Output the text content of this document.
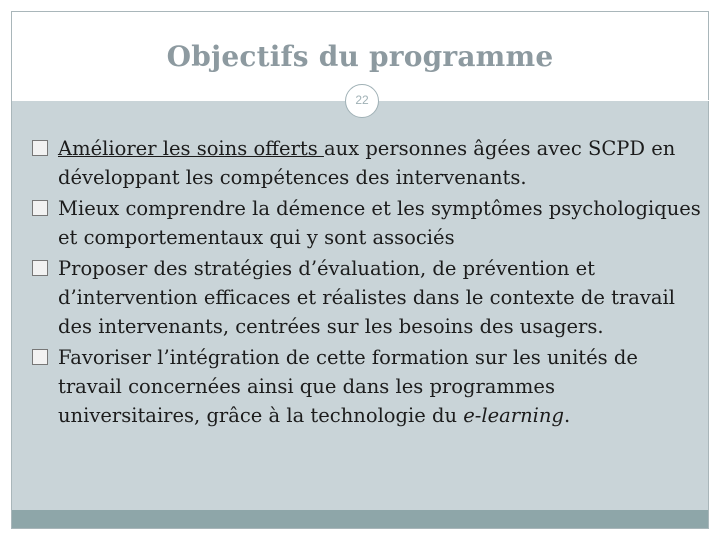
Objectifs du programme
22
Améliorer les soins offerts aux personnes âgées avec SCPD en développant les compétences des intervenants.
Mieux comprendre la démence et les symptômes psychologiques et comportementaux qui y sont associés
Proposer des stratégies d’évaluation, de prévention et d’intervention efficaces et réalistes dans le contexte de travail des intervenants, centrées sur les besoins des usagers.
Favoriser l’intégration de cette formation sur les unités de travail concernées ainsi que dans les programmes universitaires, grâce à la technologie du e-learning.
